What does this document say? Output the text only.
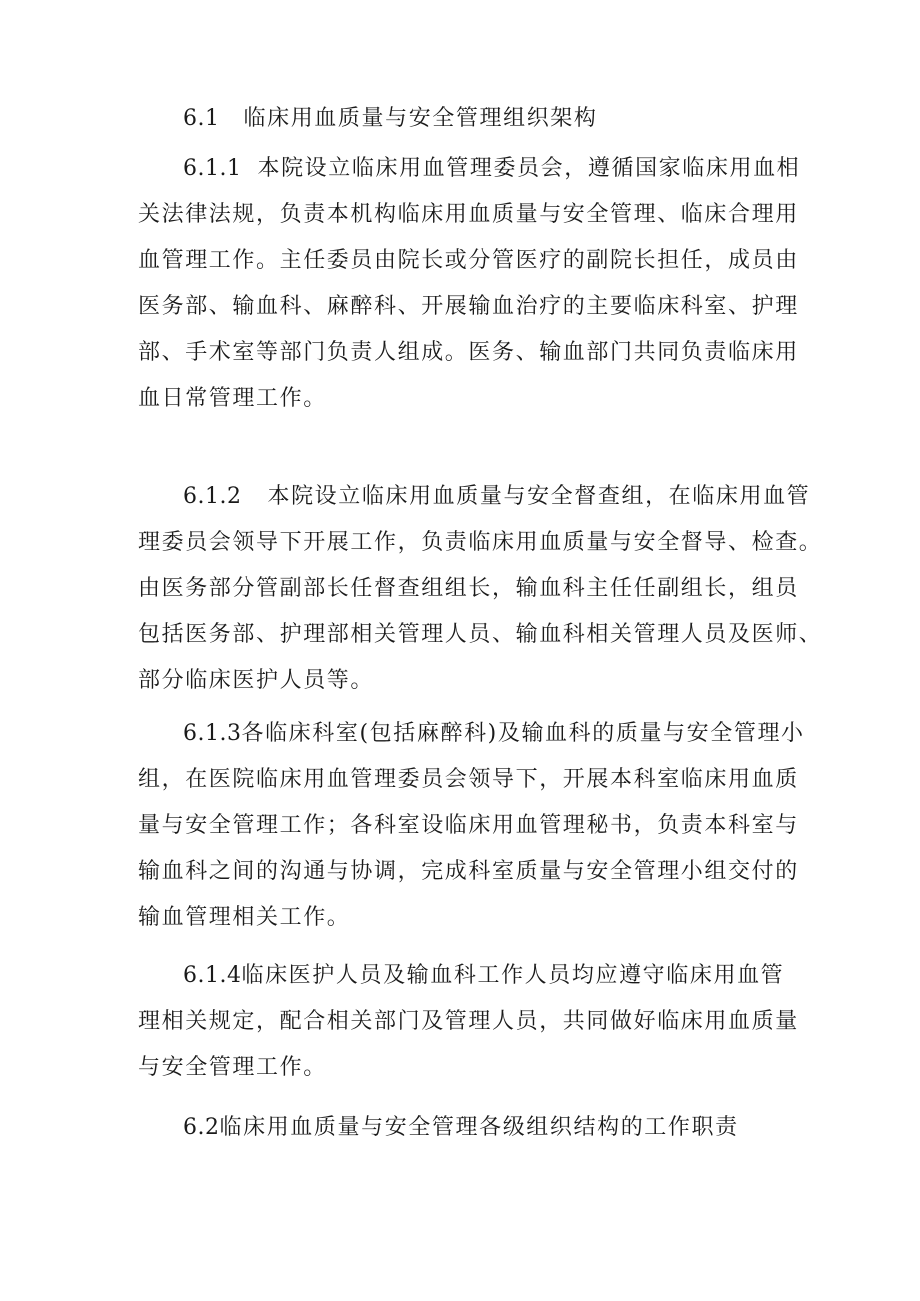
6.1 临床用血质量与安全管理组织架构
6.1.1 本院设立临床用血管理委员会，遵循国家临床用血相
关法律法规，负责本机构临床用血质量与安全管理、临床合理用
血管理工作。主任委员由院长或分管医疗的副院长担任，成员由
医务部、输血科、麻醉科、开展输血治疗的主要临床科室、护理
部、手术室等部门负责人组成。医务、输血部门共同负责临床用
血日常管理工作。
6.1.2 本院设立临床用血质量与安全督查组，在临床用血管
理委员会领导下开展工作，负责临床用血质量与安全督导、检查。
由医务部分管副部长任督查组组长，输血科主任任副组长，组员
包括医务部、护理部相关管理人员、输血科相关管理人员及医师、
部分临床医护人员等。
6.1.3各临床科室(包括麻醉科)及输血科的质量与安全管理小
组，在医院临床用血管理委员会领导下，开展本科室临床用血质
量与安全管理工作；各科室设临床用血管理秘书，负责本科室与
输血科之间的沟通与协调，完成科室质量与安全管理小组交付的
输血管理相关工作。
6.1.4临床医护人员及输血科工作人员均应遵守临床用血管
理相关规定，配合相关部门及管理人员，共同做好临床用血质量
与安全管理工作。
6.2临床用血质量与安全管理各级组织结构的工作职责
